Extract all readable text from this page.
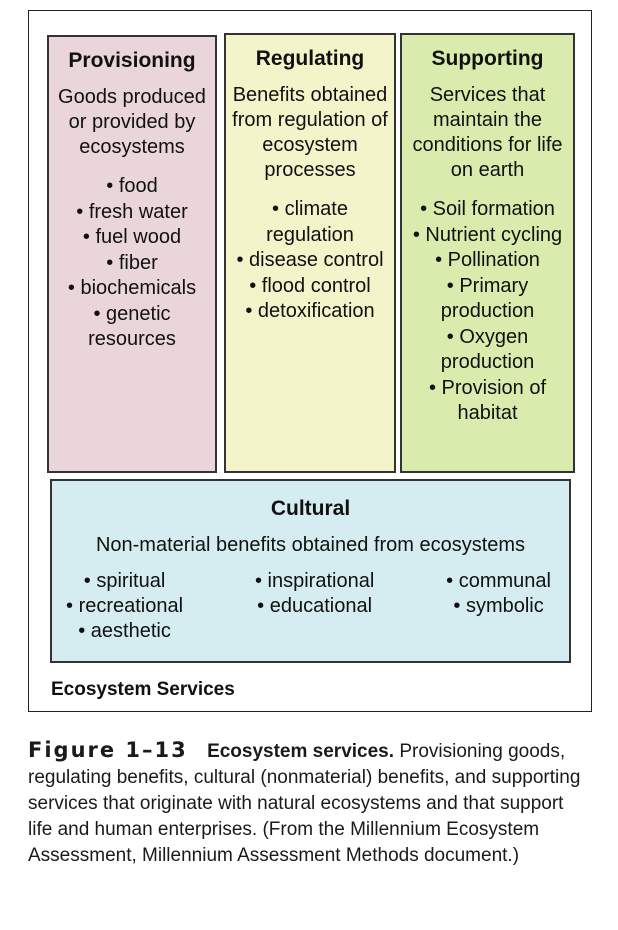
Provisioning
Goods produced or provided by ecosystems
• food
• fresh water
• fuel wood
• fiber
• biochemicals
• genetic resources
Regulating
Benefits obtained from regulation of ecosystem processes
• climate regulation
• disease control
• flood control
• detoxification
Supporting
Services that maintain the conditions for life on earth
• Soil formation
• Nutrient cycling
• Pollination
• Primary production
• Oxygen production
• Provision of habitat
Cultural
Non-material benefits obtained from ecosystems
• spiritual
• recreational
• aesthetic
• inspirational
• educational
• communal
• symbolic
Ecosystem Services
Figure 1–13 Ecosystem services. Provisioning goods, regulating benefits, cultural (nonmaterial) benefits, and supporting services that originate with natural ecosystems and that support life and human enterprises. (From the Millennium Ecosystem Assessment, Millennium Assessment Methods document.)
